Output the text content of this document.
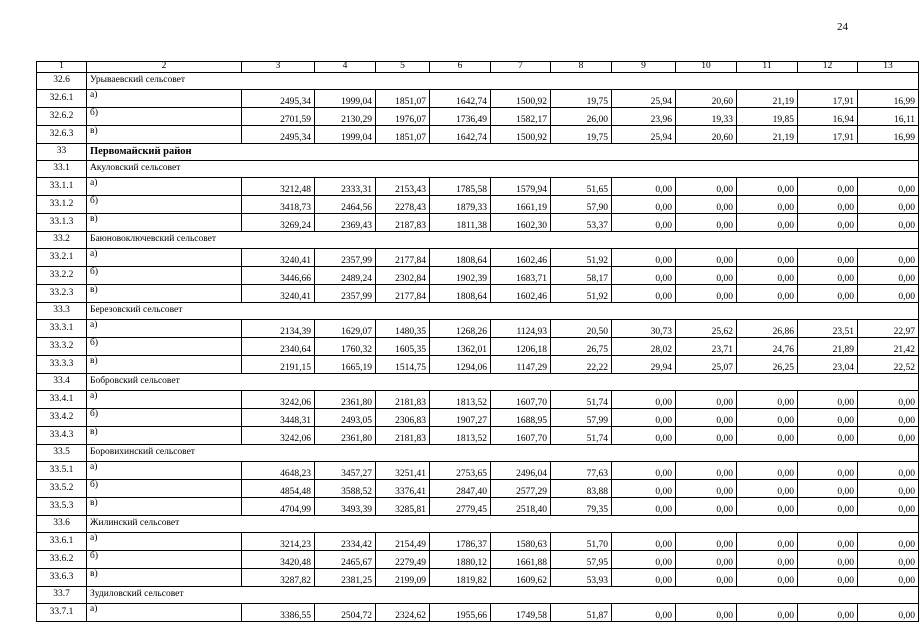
24
1	2	3	4	5	6	7	8	9	10	11	12	13
32.6	Урываевский сельсовет											
32.6.1	а)	2495,34	1999,04	1851,07	1642,74	1500,92	19,75	25,94	20,60	21,19	17,91	16,99
32.6.2	б)	2701,59	2130,29	1976,07	1736,49	1582,17	26,00	23,96	19,33	19,85	16,94	16,11
32.6.3	в)	2495,34	1999,04	1851,07	1642,74	1500,92	19,75	25,94	20,60	21,19	17,91	16,99
33	Первомайский район											
33.1	Акуловский сельсовет											
33.1.1	а)	3212,48	2333,31	2153,43	1785,58	1579,94	51,65	0,00	0,00	0,00	0,00	0,00
33.1.2	б)	3418,73	2464,56	2278,43	1879,33	1661,19	57,90	0,00	0,00	0,00	0,00	0,00
33.1.3	в)	3269,24	2369,43	2187,83	1811,38	1602,30	53,37	0,00	0,00	0,00	0,00	0,00
33.2	Баюновоключевский сельсовет											
33.2.1	а)	3240,41	2357,99	2177,84	1808,64	1602,46	51,92	0,00	0,00	0,00	0,00	0,00
33.2.2	б)	3446,66	2489,24	2302,84	1902,39	1683,71	58,17	0,00	0,00	0,00	0,00	0,00
33.2.3	в)	3240,41	2357,99	2177,84	1808,64	1602,46	51,92	0,00	0,00	0,00	0,00	0,00
33.3	Березовский сельсовет											
33.3.1	а)	2134,39	1629,07	1480,35	1268,26	1124,93	20,50	30,73	25,62	26,86	23,51	22,97
33.3.2	б)	2340,64	1760,32	1605,35	1362,01	1206,18	26,75	28,02	23,71	24,76	21,89	21,42
33.3.3	в)	2191,15	1665,19	1514,75	1294,06	1147,29	22,22	29,94	25,07	26,25	23,04	22,52
33.4	Бобровский сельсовет											
33.4.1	а)	3242,06	2361,80	2181,83	1813,52	1607,70	51,74	0,00	0,00	0,00	0,00	0,00
33.4.2	б)	3448,31	2493,05	2306,83	1907,27	1688,95	57,99	0,00	0,00	0,00	0,00	0,00
33.4.3	в)	3242,06	2361,80	2181,83	1813,52	1607,70	51,74	0,00	0,00	0,00	0,00	0,00
33.5	Боровихинский сельсовет											
33.5.1	а)	4648,23	3457,27	3251,41	2753,65	2496,04	77,63	0,00	0,00	0,00	0,00	0,00
33.5.2	б)	4854,48	3588,52	3376,41	2847,40	2577,29	83,88	0,00	0,00	0,00	0,00	0,00
33.5.3	в)	4704,99	3493,39	3285,81	2779,45	2518,40	79,35	0,00	0,00	0,00	0,00	0,00
33.6	Жилинский сельсовет											
33.6.1	а)	3214,23	2334,42	2154,49	1786,37	1580,63	51,70	0,00	0,00	0,00	0,00	0,00
33.6.2	б)	3420,48	2465,67	2279,49	1880,12	1661,88	57,95	0,00	0,00	0,00	0,00	0,00
33.6.3	в)	3287,82	2381,25	2199,09	1819,82	1609,62	53,93	0,00	0,00	0,00	0,00	0,00
33.7	Зудиловский сельсовет											
33.7.1	а)	3386,55	2504,72	2324,62	1955,66	1749,58	51,87	0,00	0,00	0,00	0,00	0,00
